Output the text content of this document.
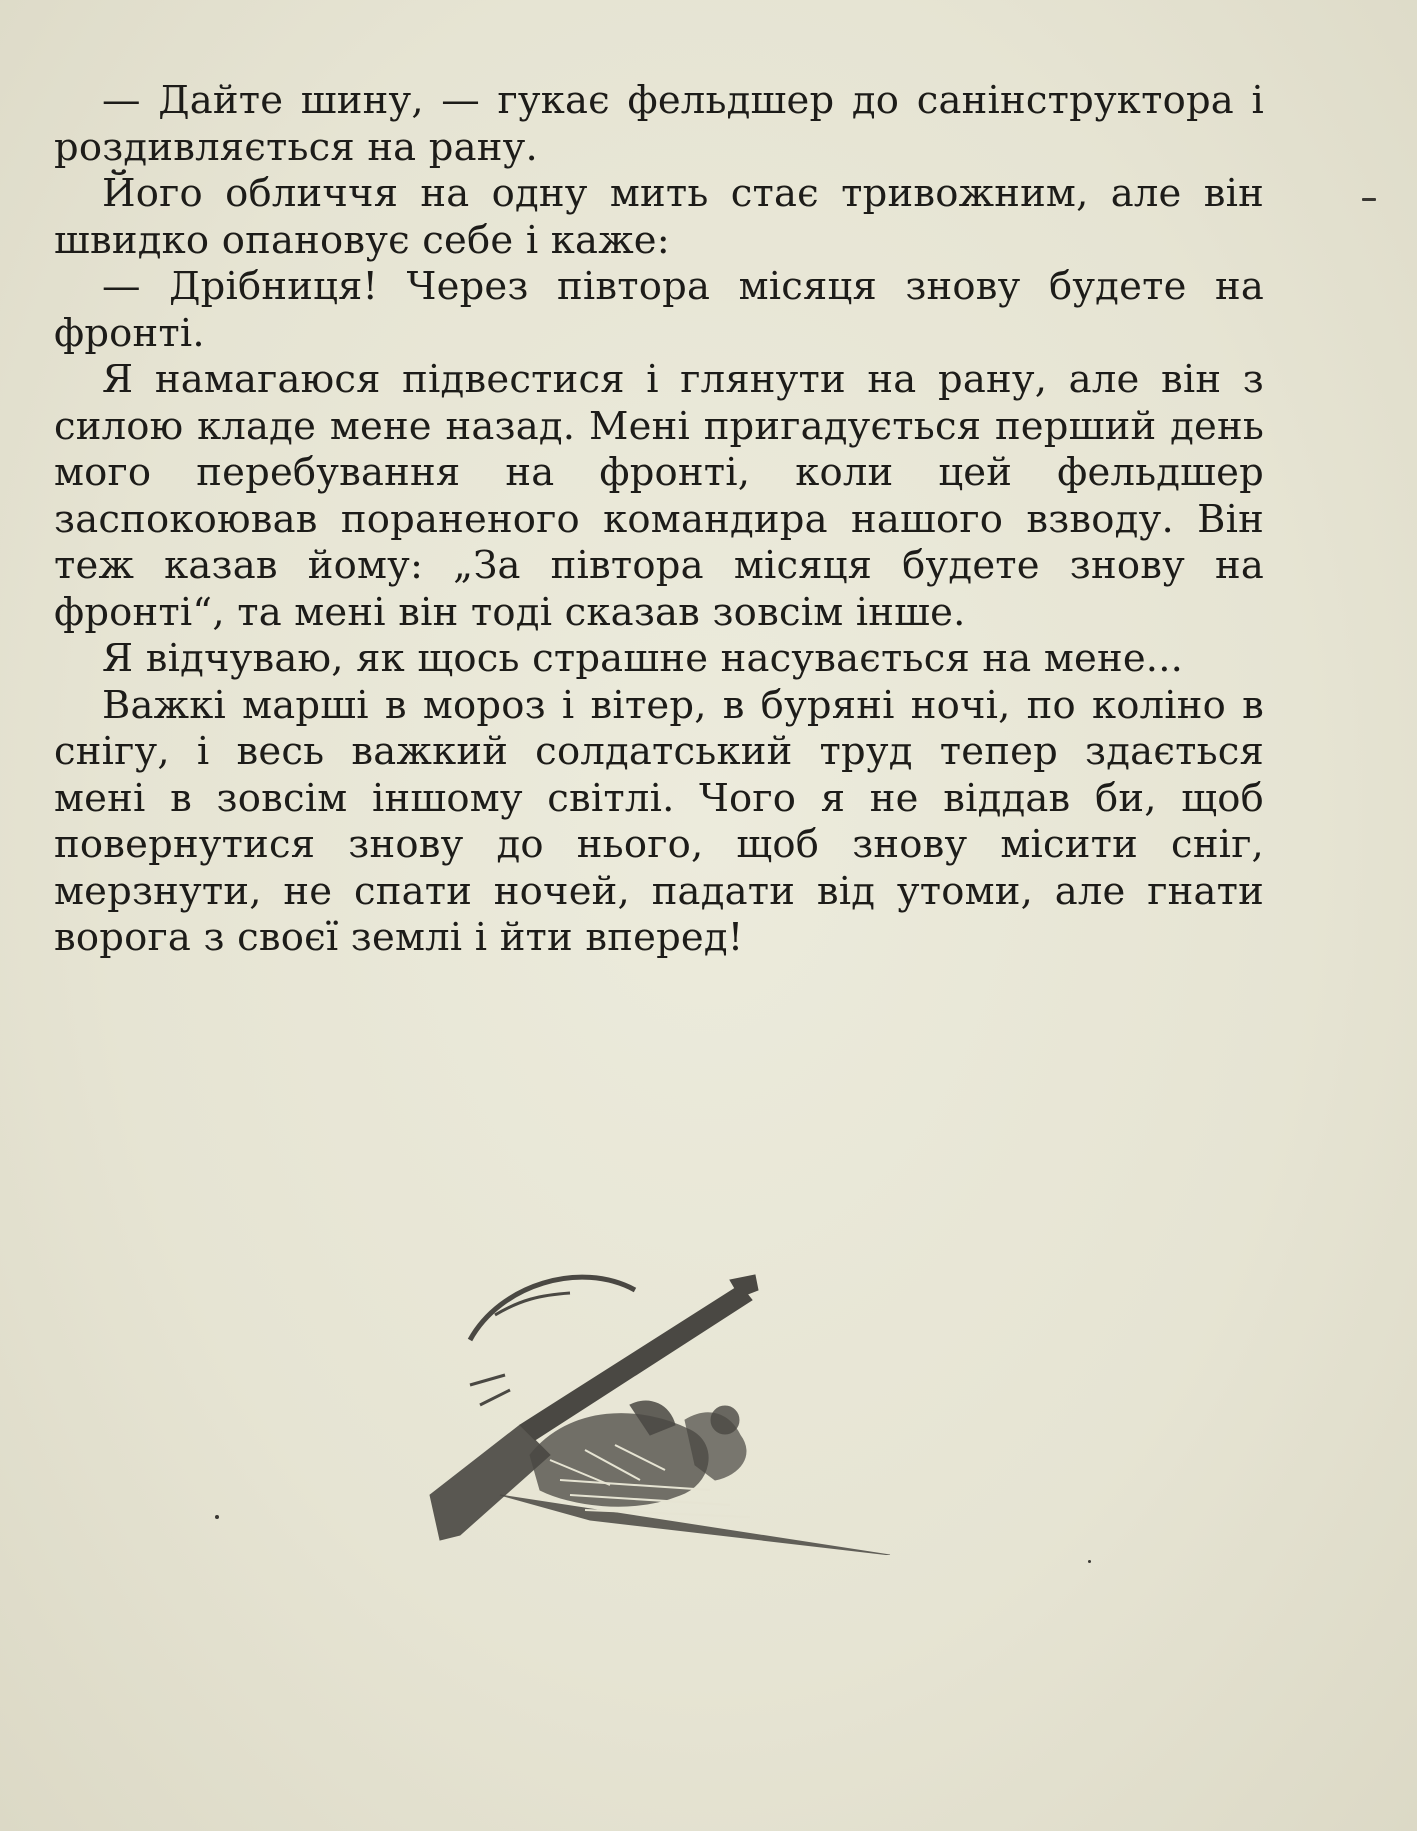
— Дайте шину, — гукає фельдшер до санінструктора і роздивляється на рану.

Його обличчя на одну мить стає тривожним, але він швидко опановує себе і каже:

— Дрібниця! Через півтора місяця знову будете на фронті.

Я намагаюся підвестися і глянути на рану, але він з силою кладе мене назад. Мені пригадується перший день мого перебування на фронті, коли цей фельдшер заспокоював пораненого командира нашого взводу. Він теж казав йому: „За півтора місяця будете знову на фронті“, та мені він тоді сказав зовсім інше.

Я відчуваю, як щось страшне насувається на мене...

Важкі марші в мороз і вітер, в буряні ночі, по коліно в снігу, і весь важкий солдатський труд тепер здається мені в зовсім іншому світлі. Чого я не віддав би, щоб повернутися знову до нього, щоб знову місити сніг, мерзнути, не спати ночей, падати від утоми, але гнати ворога з своєї землі і йти вперед!
